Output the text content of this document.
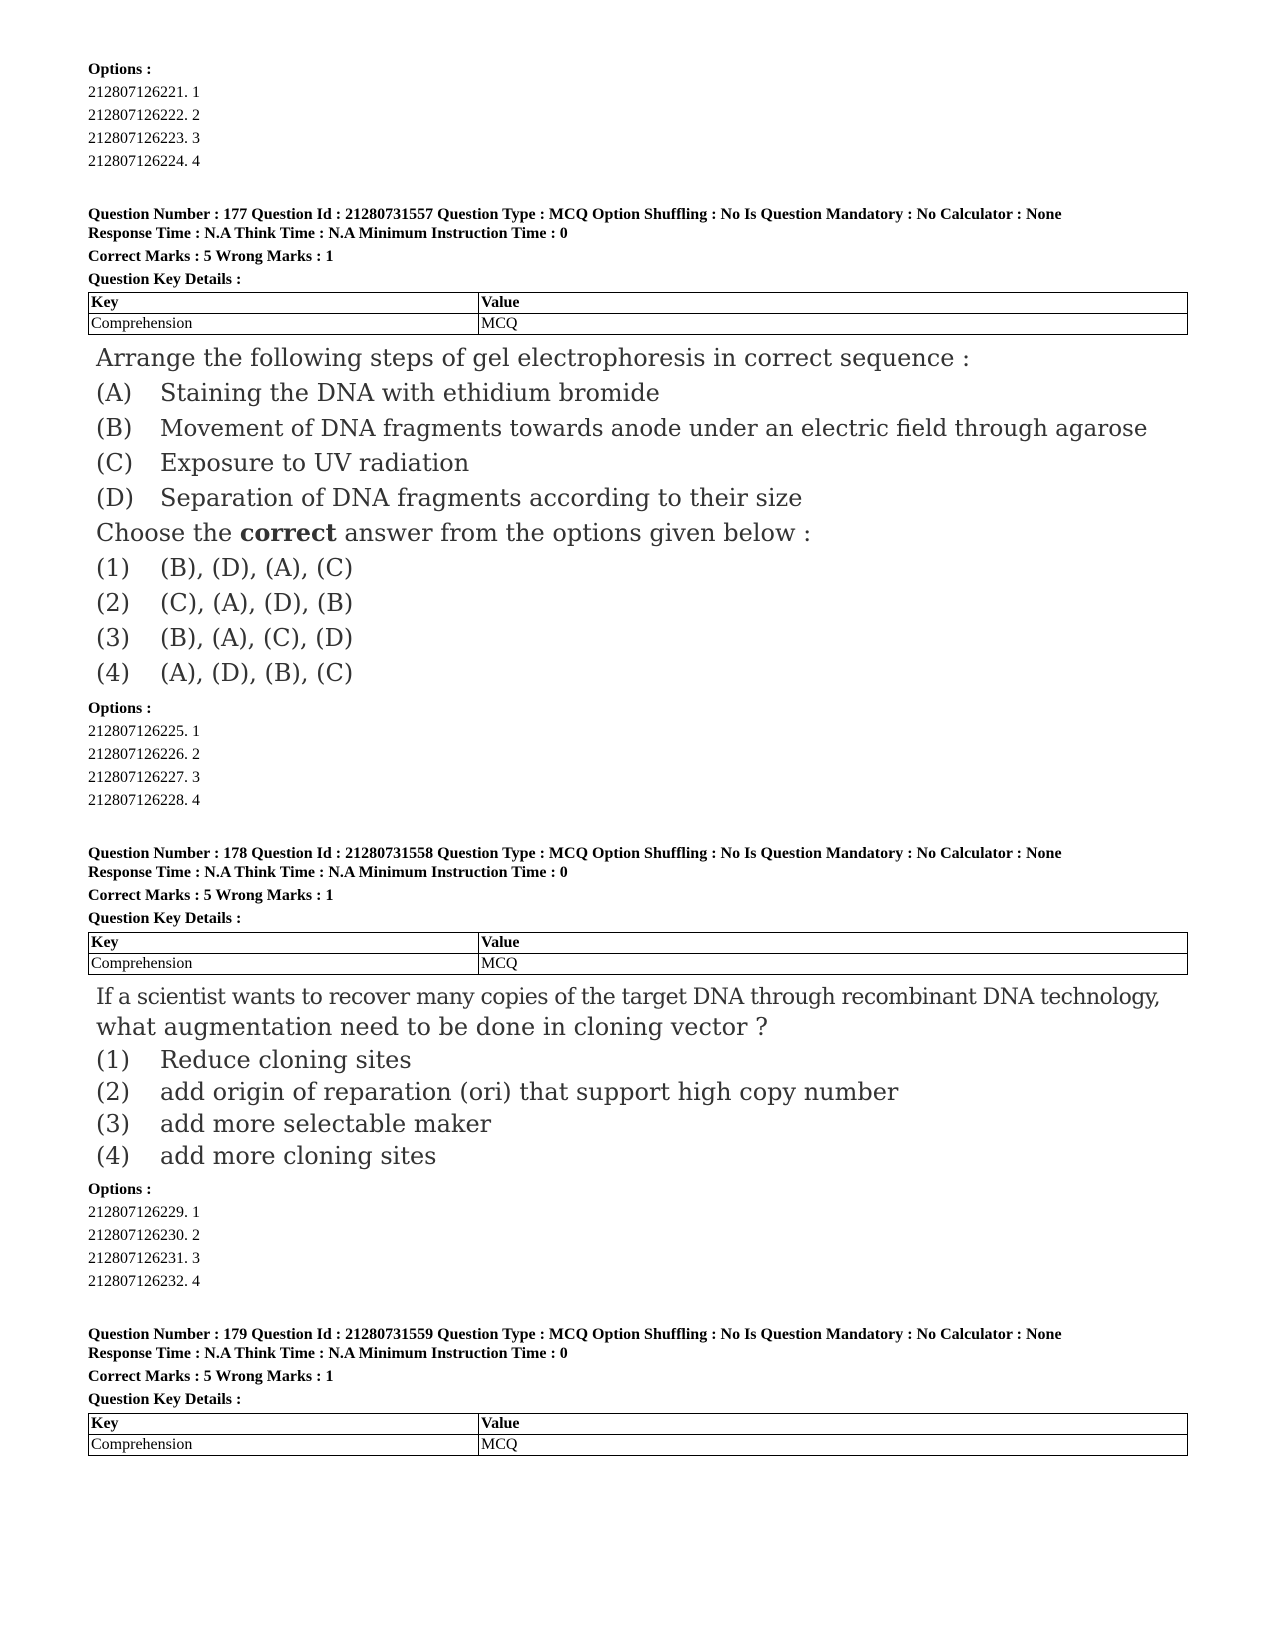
Options :
212807126221. 1
212807126222. 2
212807126223. 3
212807126224. 4
Question Number : 177 Question Id : 21280731557 Question Type : MCQ Option Shuffling : No Is Question Mandatory : No Calculator : None
Response Time : N.A Think Time : N.A Minimum Instruction Time : 0
Correct Marks : 5 Wrong Marks : 1
Question Key Details :
Key	Value
Comprehension	MCQ
Arrange the following steps of gel electrophoresis in correct sequence :
(A) Staining the DNA with ethidium bromide
(B) Movement of DNA fragments towards anode under an electric field through agarose
(C) Exposure to UV radiation
(D) Separation of DNA fragments according to their size
Choose the correct answer from the options given below :
(1) (B), (D), (A), (C)
(2) (C), (A), (D), (B)
(3) (B), (A), (C), (D)
(4) (A), (D), (B), (C)
Options :
212807126225. 1
212807126226. 2
212807126227. 3
212807126228. 4
Question Number : 178 Question Id : 21280731558 Question Type : MCQ Option Shuffling : No Is Question Mandatory : No Calculator : None
Response Time : N.A Think Time : N.A Minimum Instruction Time : 0
Correct Marks : 5 Wrong Marks : 1
Question Key Details :
Key	Value
Comprehension	MCQ
If a scientist wants to recover many copies of the target DNA through recombinant DNA technology,
what augmentation need to be done in cloning vector ?
(1) Reduce cloning sites
(2) add origin of reparation (ori) that support high copy number
(3) add more selectable maker
(4) add more cloning sites
Options :
212807126229. 1
212807126230. 2
212807126231. 3
212807126232. 4
Question Number : 179 Question Id : 21280731559 Question Type : MCQ Option Shuffling : No Is Question Mandatory : No Calculator : None
Response Time : N.A Think Time : N.A Minimum Instruction Time : 0
Correct Marks : 5 Wrong Marks : 1
Question Key Details :
Key	Value
Comprehension	MCQ
